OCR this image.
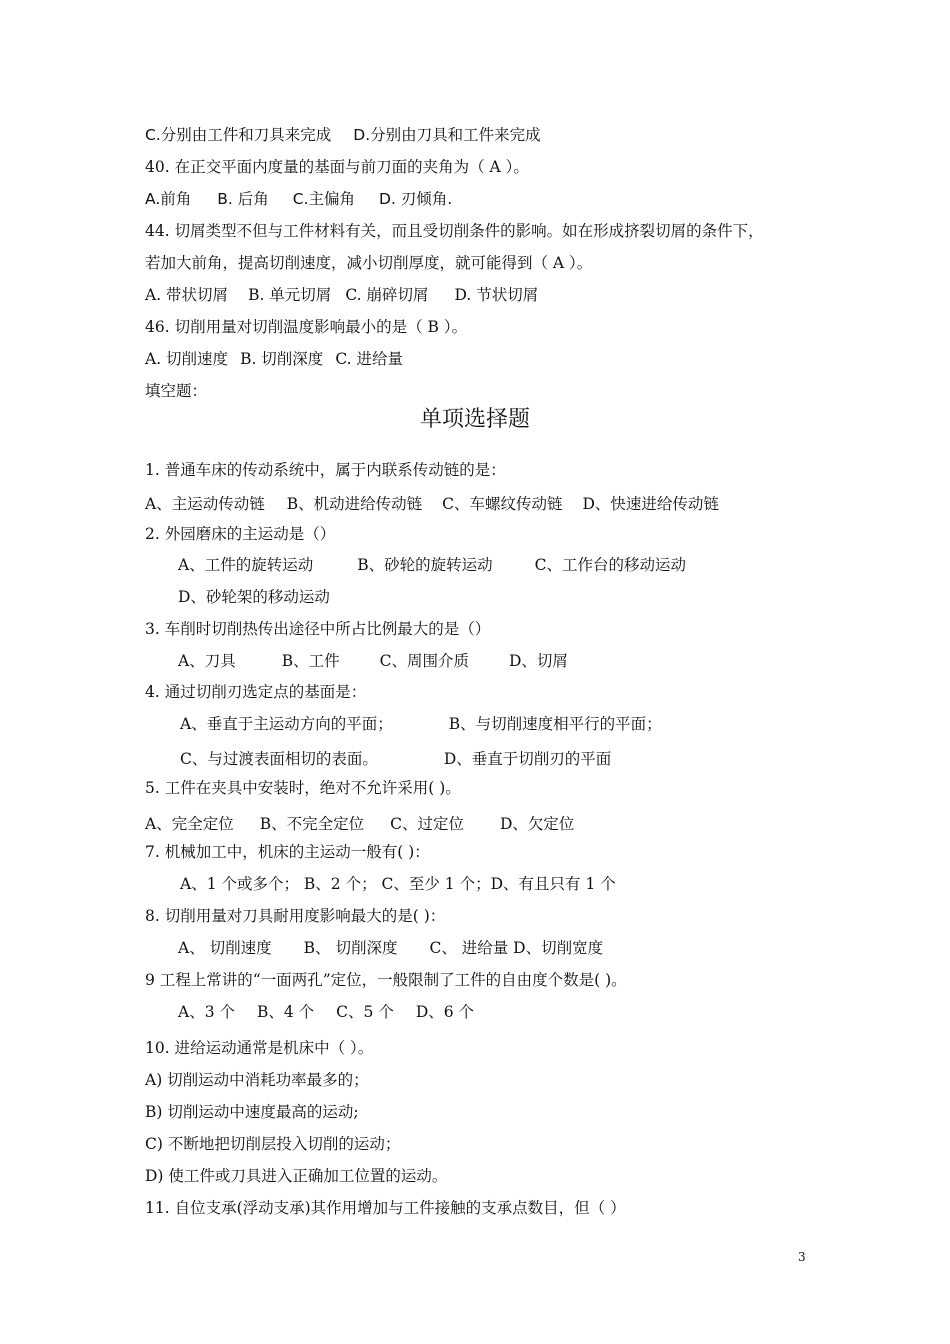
C.分别由工件和刀具来完成 D.分别由刀具和工件来完成
40. 在正交平面内度量的基面与前刀面的夹角为（ A ）。
A.前角 B. 后角 C.主偏角 D. 刃倾角.
44. 切屑类型不但与工件材料有关，而且受切削条件的影响。如在形成挤裂切屑的条件下，
若加大前角，提高切削速度，减小切削厚度，就可能得到（ A ）。
A. 带状切屑 B. 单元切屑 C. 崩碎切屑 D. 节状切屑
46. 切削用量对切削温度影响最小的是（ B ）。
A. 切削速度 B. 切削深度 C. 进给量
填空题：
单项选择题
1. 普通车床的传动系统中，属于内联系传动链的是：
A、主运动传动链 B、机动进给传动链 C、车螺纹传动链 D、快速进给传动链
2. 外园磨床的主运动是（）
A、工件的旋转运动	B、砂轮的旋转运动	C、工作台的移动运动
D、砂轮架的移动运动
3. 车削时切削热传出途径中所占比例最大的是（）
A、刀具	B、工件	C、周围介质	D、切屑
4. 通过切削刃选定点的基面是：
A、垂直于主运动方向的平面；	B、与切削速度相平行的平面；
C、与过渡表面相切的表面。	D、垂直于切削刃的平面
5. 工件在夹具中安装时，绝对不允许采用( )。
A、完全定位 B、不完全定位 C、过定位 D、欠定位
7. 机械加工中，机床的主运动一般有( )：
A、1 个或多个； B、2 个； C、至少 1 个；D、有且只有 1 个
8. 切削用量对刀具耐用度影响最大的是( )：
A、 切削速度 B、 切削深度 C、 进给量 D、切削宽度
9 工程上常讲的“一面两孔”定位，一般限制了工件的自由度个数是( )。
A、3 个 B、4 个 C、5 个 D、6 个
10. 进给运动通常是机床中（ ）。
A) 切削运动中消耗功率最多的；
B) 切削运动中速度最高的运动;
C) 不断地把切削层投入切削的运动；
D) 使工件或刀具进入正确加工位置的运动。
11. 自位支承(浮动支承)其作用增加与工件接触的支承点数目，但（ ）
3
